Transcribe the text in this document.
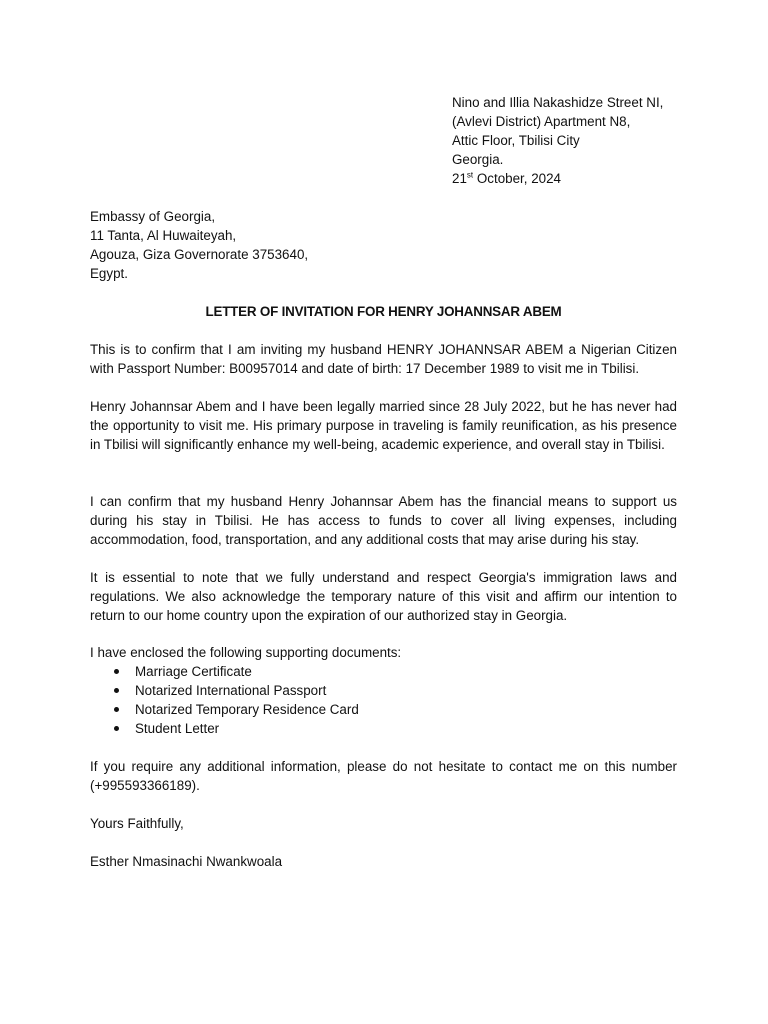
Nino and Illia Nakashidze Street NI,
(Avlevi District) Apartment N8,
Attic Floor, Tbilisi City
Georgia.
21st October, 2024
Embassy of Georgia,
11 Tanta, Al Huwaiteyah,
Agouza, Giza Governorate 3753640,
Egypt.
LETTER OF INVITATION FOR HENRY JOHANNSAR ABEM

This is to confirm that I am inviting my husband HENRY JOHANNSAR ABEM a Nigerian Citizen with Passport Number: B00957014 and date of birth: 17 December 1989 to visit me in Tbilisi.

Henry Johannsar Abem and I have been legally married since 28 July 2022, but he has never had the opportunity to visit me. His primary purpose in traveling is family reunification, as his presence in Tbilisi will significantly enhance my well-being, academic experience, and overall stay in Tbilisi.

I can confirm that my husband Henry Johannsar Abem has the financial means to support us during his stay in Tbilisi. He has access to funds to cover all living expenses, including accommodation, food, transportation, and any additional costs that may arise during his stay.

It is essential to note that we fully understand and respect Georgia's immigration laws and regulations. We also acknowledge the temporary nature of this visit and affirm our intention to return to our home country upon the expiration of our authorized stay in Georgia.

I have enclosed the following supporting documents:

Marriage Certificate
Notarized International Passport
Notarized Temporary Residence Card
Student Letter

If you require any additional information, please do not hesitate to contact me on this number (+995593366189).

Yours Faithfully,
Esther Nmasinachi Nwankwoala
